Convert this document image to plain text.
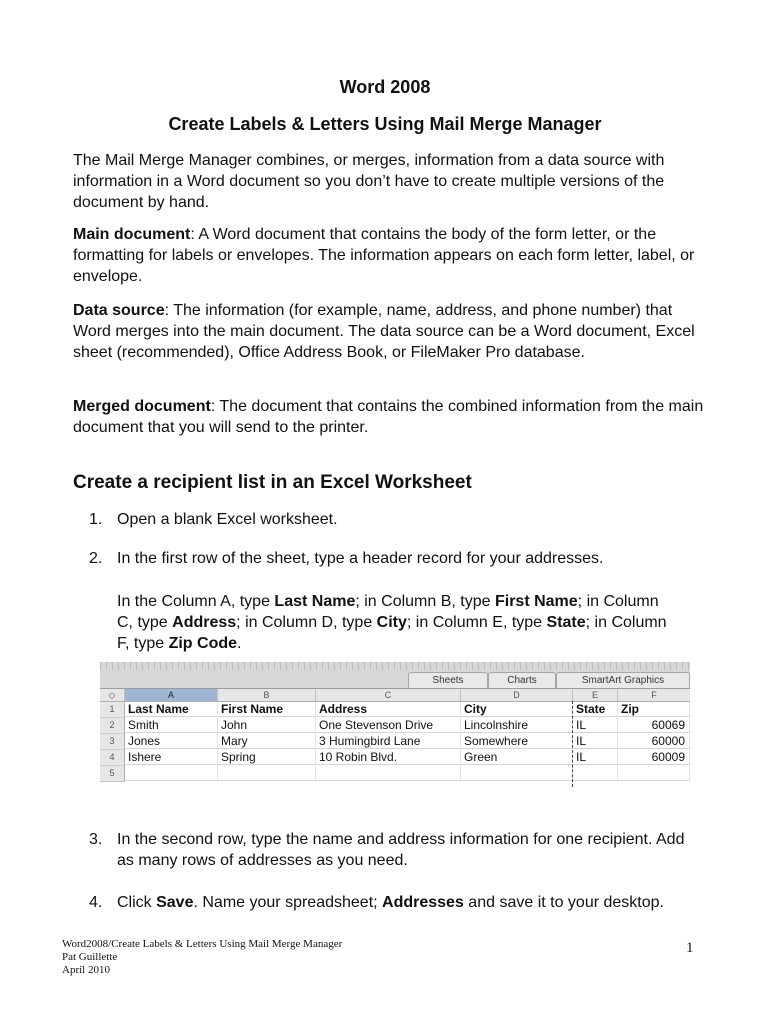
Word 2008
Create Labels & Letters Using Mail Merge Manager

The Mail Merge Manager combines, or merges, information from a data source with information in a Word document so you don’t have to create multiple versions of the document by hand.

Main document: A Word document that contains the body of the form letter, or the formatting for labels or envelopes. The information appears on each form letter, label, or envelope.

Data source: The information (for example, name, address, and phone number) that Word merges into the main document. The data source can be a Word document, Excel sheet (recommended), Office Address Book, or FileMaker Pro database.

Merged document: The document that contains the combined information from the main document that you will send to the printer.

Create a recipient list in an Excel Worksheet
1. Open a blank Excel worksheet.
2. In the first row of the sheet, type a header record for your addresses.
In the Column A, type Last Name; in Column B, type First Name; in Column C, type Address; in Column D, type City; in Column E, type State; in Column F, type Zip Code.
Sheets	Charts	SmartArt Graphics
◇	A	B	C	D	E	F
1
2
3
4
5
Last Name	First Name	Address	City	State	Zip
Smith	John	One Stevenson Drive	Lincolnshire	IL	60069
Jones	Mary	3 Humingbird Lane	Somewhere	IL	60000
Ishere	Spring	10 Robin Blvd.	Green	IL	60009
3. In the second row, type the name and address information for one recipient. Add as many rows of addresses as you need.
4. Click Save. Name your spreadsheet; Addresses and save it to your desktop.
Word2008/Create Labels & Letters Using Mail Merge Manager
Pat Guillette
April 2010
1
